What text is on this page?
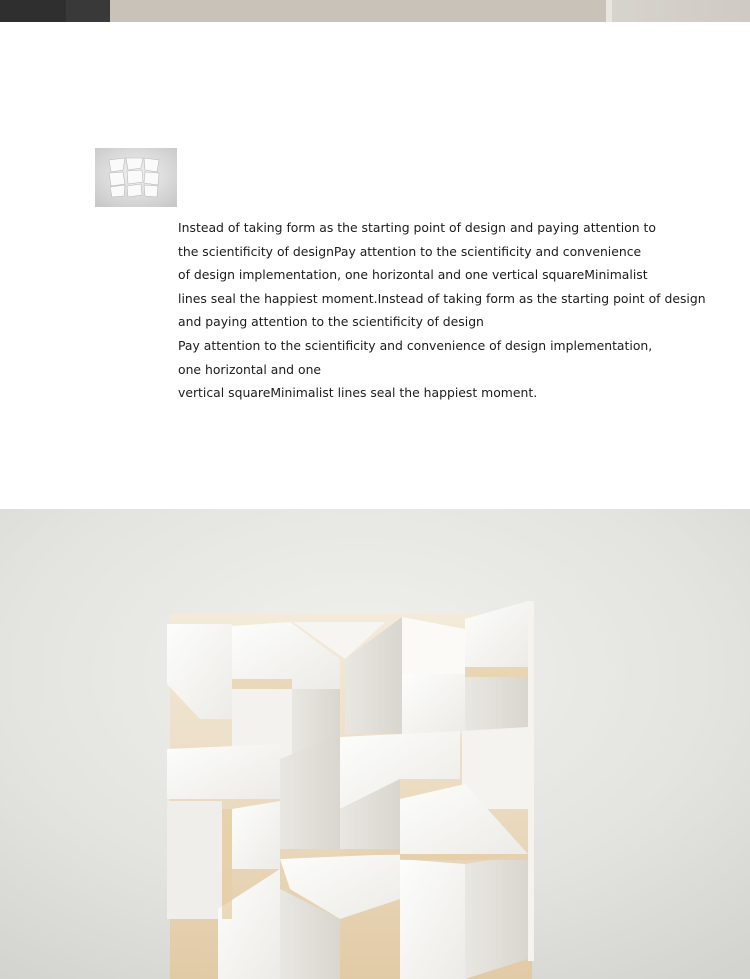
Instead of taking form as the starting point of design and paying attention to
the scientificity of designPay attention to the scientificity and convenience
of design implementation, one horizontal and one vertical squareMinimalist
lines seal the happiest moment.Instead of taking form as the starting point of design
and paying attention to the scientificity of design
Pay attention to the scientificity and convenience of design implementation,
one horizontal and one
vertical squareMinimalist lines seal the happiest moment.
